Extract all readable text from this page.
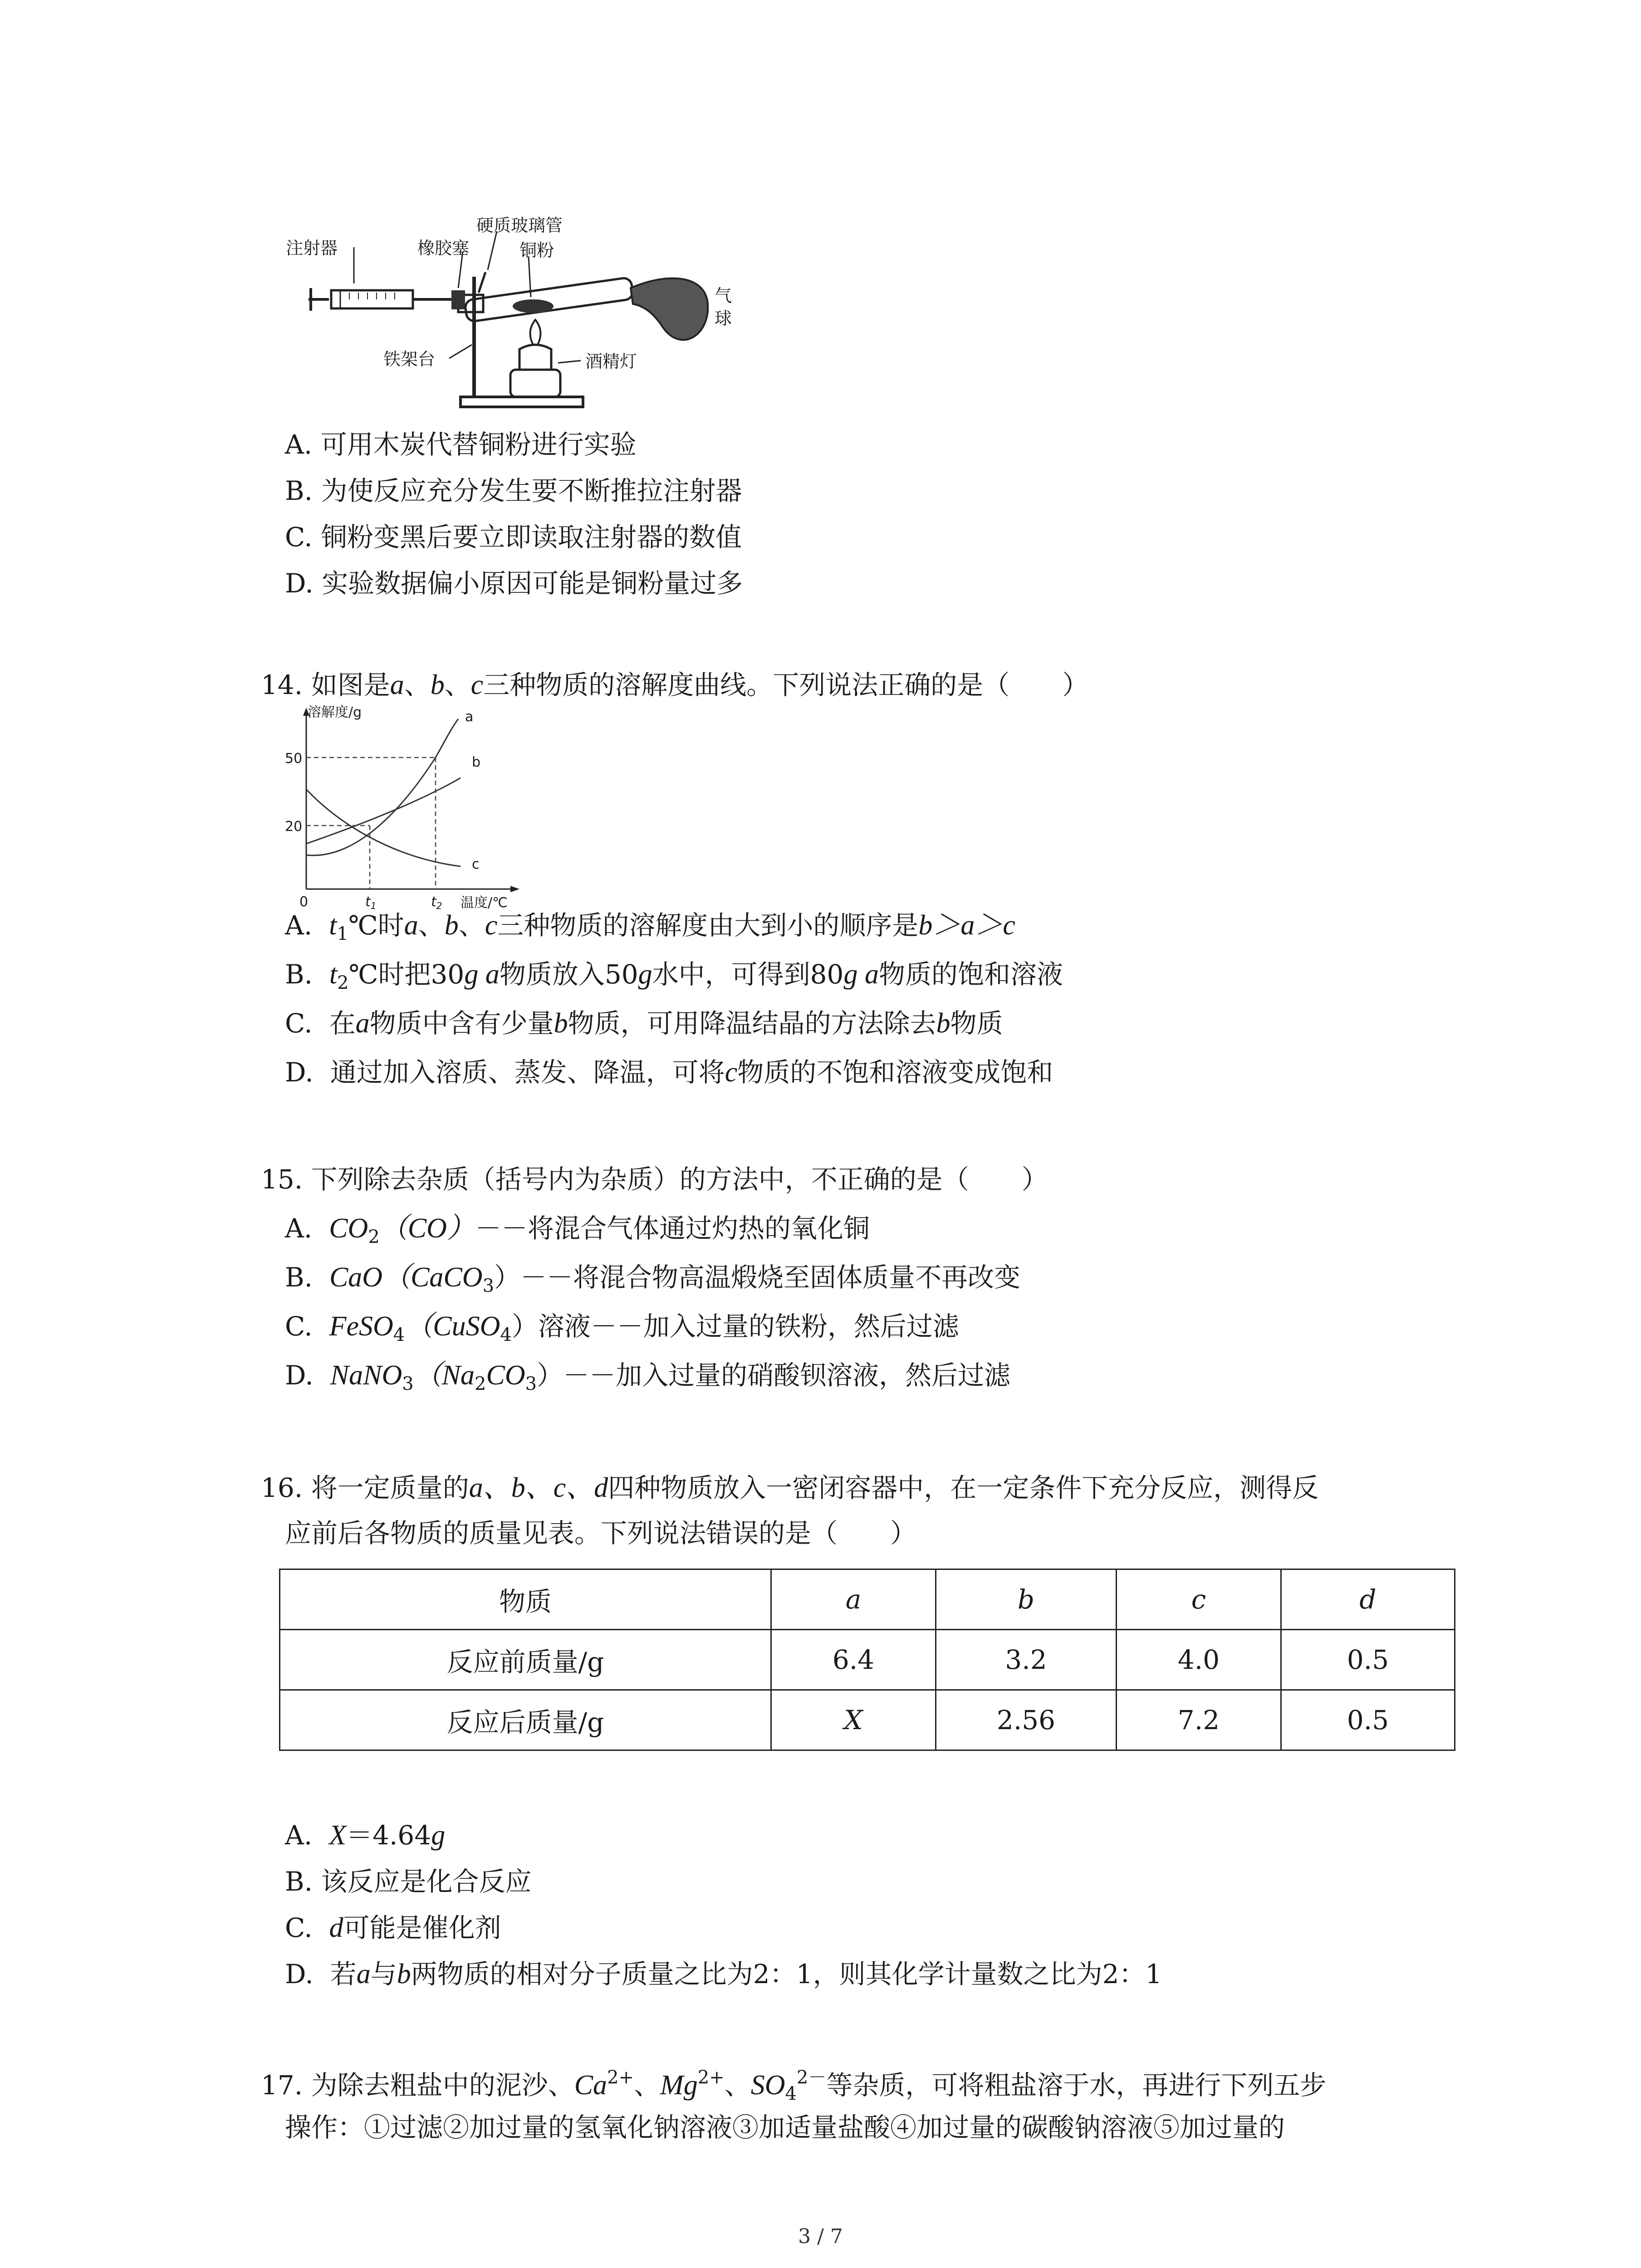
注射器	橡胶塞
硬质玻璃管
铜粉
气
球
铁架台	酒精灯
A. 可用木炭代替铜粉进行实验
B. 为使反应充分发生要不断推拉注射器
C. 铜粉变黑后要立即读取注射器的数值
D. 实验数据偏小原因可能是铜粉量过多
14. 如图是a、b、c三种物质的溶解度曲线。下列说法正确的是（　　）
溶解度/g
50
20
0	$t_1$	$t_2$ 温度/℃
a
b
c
A. $t_1℃$时a、b、c三种物质的溶解度由大到小的顺序是b＞a＞c
B. $t_2℃$时把30g a物质放入50g水中，可得到80g a物质的饱和溶液
C. 在a物质中含有少量b物质，可用降温结晶的方法除去b物质
D. 通过加入溶质、蒸发、降温，可将c物质的不饱和溶液变成饱和
15. 下列除去杂质（括号内为杂质）的方法中，不正确的是（　　）
A. $CO_2(CO)--$将混合气体通过灼热的氧化铜
B. CaO（CaCO$_3$）－－将混合物高温煅烧至固体质量不再改变
C. FeSO$_4$（CuSO$_4$）溶液－－加入过量的铁粉，然后过滤
D. $NaNO_3(Na_2CO_3)--$加入过量的硝酸钡溶液，然后过滤
16. 将一定质量的a、b、c、d四种物质放入一密闭容器中，在一定条件下充分反应，测得反
应前后各物质的质量见表。下列说法错误的是（　　）
物质	a	b	c	d
反应前质量/g	6.4	3.2	4.0	0.5
反应后质量/g	X	2.56	7.2	0.5
A. X＝4.64g
B. 该反应是化合反应
C. d可能是催化剂
D. 若a与b两物质的相对分子质量之比为2：1，则其化学计量数之比为2：1
17. 为除去粗盐中的泥沙、$Ca^{2+}$、$Mg^{2+}$、$SO_4^{2-}$等杂质，可将粗盐溶于水，再进行下列五步
操作：①过滤②加过量的氢氧化钠溶液③加适量盐酸④加过量的碳酸钠溶液⑤加过量的
3 / 7
